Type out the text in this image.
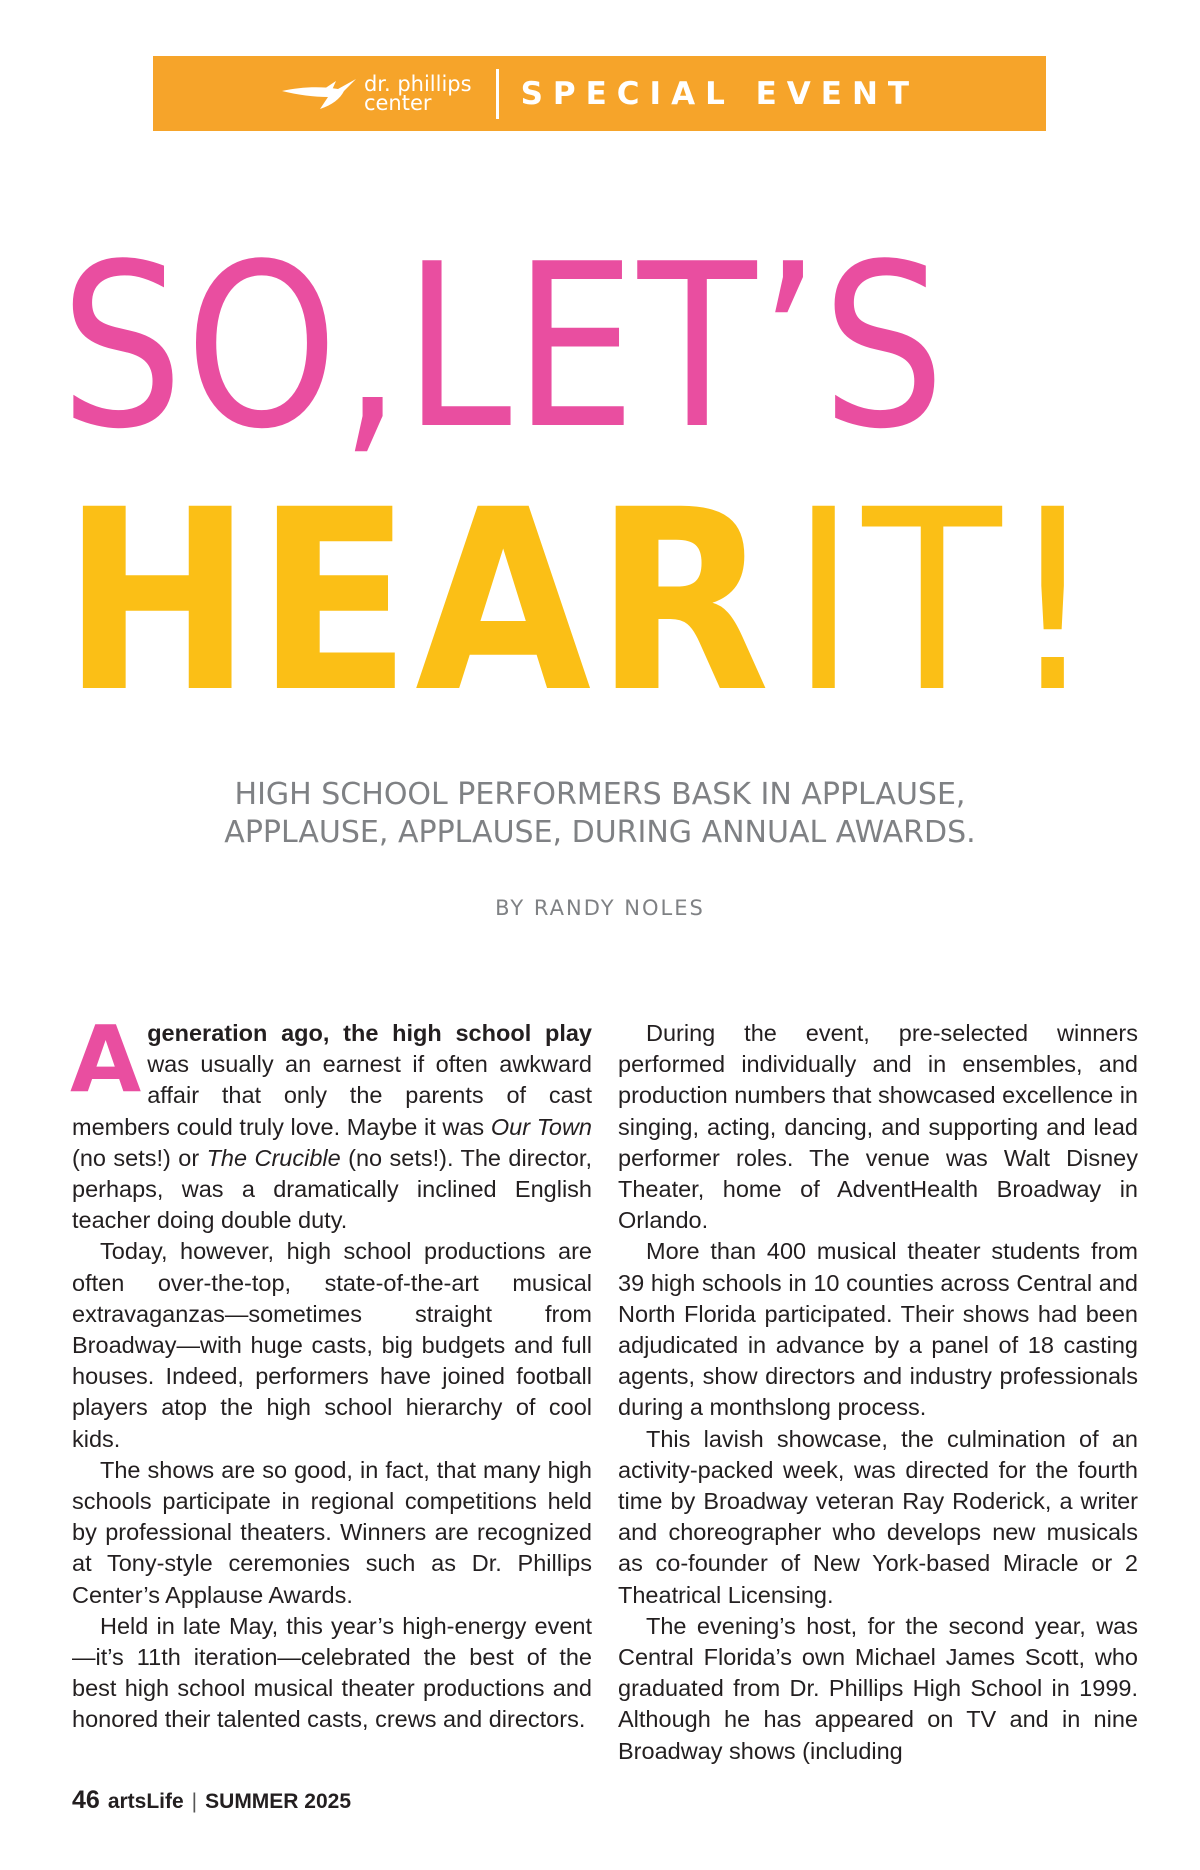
dr. phillips
center	SPECIAL EVENT
SO,LET’S
HEARIT!
HIGH SCHOOL PERFORMERS BASK IN APPLAUSE,
APPLAUSE, APPLAUSE, DURING ANNUAL AWARDS.
BY RANDY NOLES

Ageneration ago, the high school play was usually an earnest if often awkward affair that only the parents of cast members could truly love. Maybe it was Our Town (no sets!) or The Crucible (no sets!). The director, perhaps, was a dramatically inclined English teacher doing double duty.

Today, however, high school productions are often over-the-top, state-of-the-art musical extravaganzas—sometimes straight from Broadway—with huge casts, big budgets and full houses. Indeed, performers have joined football players atop the high school hierarchy of cool kids.

The shows are so good, in fact, that many high schools participate in regional competitions held by professional theaters. Winners are recognized at Tony-style ceremonies such as Dr. Phillips Center’s Applause Awards.

Held in late May, this year’s high-energy event—it’s 11th iteration—celebrated the best of the best high school musical theater productions and honored their talented casts, crews and directors.

During the event, pre-selected winners performed individually and in ensembles, and production numbers that showcased excellence in singing, acting, dancing, and supporting and lead performer roles. The venue was Walt Disney Theater, home of AdventHealth Broadway in Orlando.

More than 400 musical theater students from 39 high schools in 10 counties across Central and North Florida participated. Their shows had been adjudicated in advance by a panel of 18 casting agents, show directors and industry professionals during a monthslong process.

This lavish showcase, the culmination of an activity-packed week, was directed for the fourth time by Broadway veteran Ray Roderick, a writer and choreographer who develops new musicals as co-founder of New York-based Miracle or 2 Theatrical Licensing.

The evening’s host, for the second year, was Central Florida’s own Michael James Scott, who graduated from Dr. Phillips High School in 1999. Although he has appeared on TV and in nine Broadway shows (including

46 artsLife | SUMMER 2025
